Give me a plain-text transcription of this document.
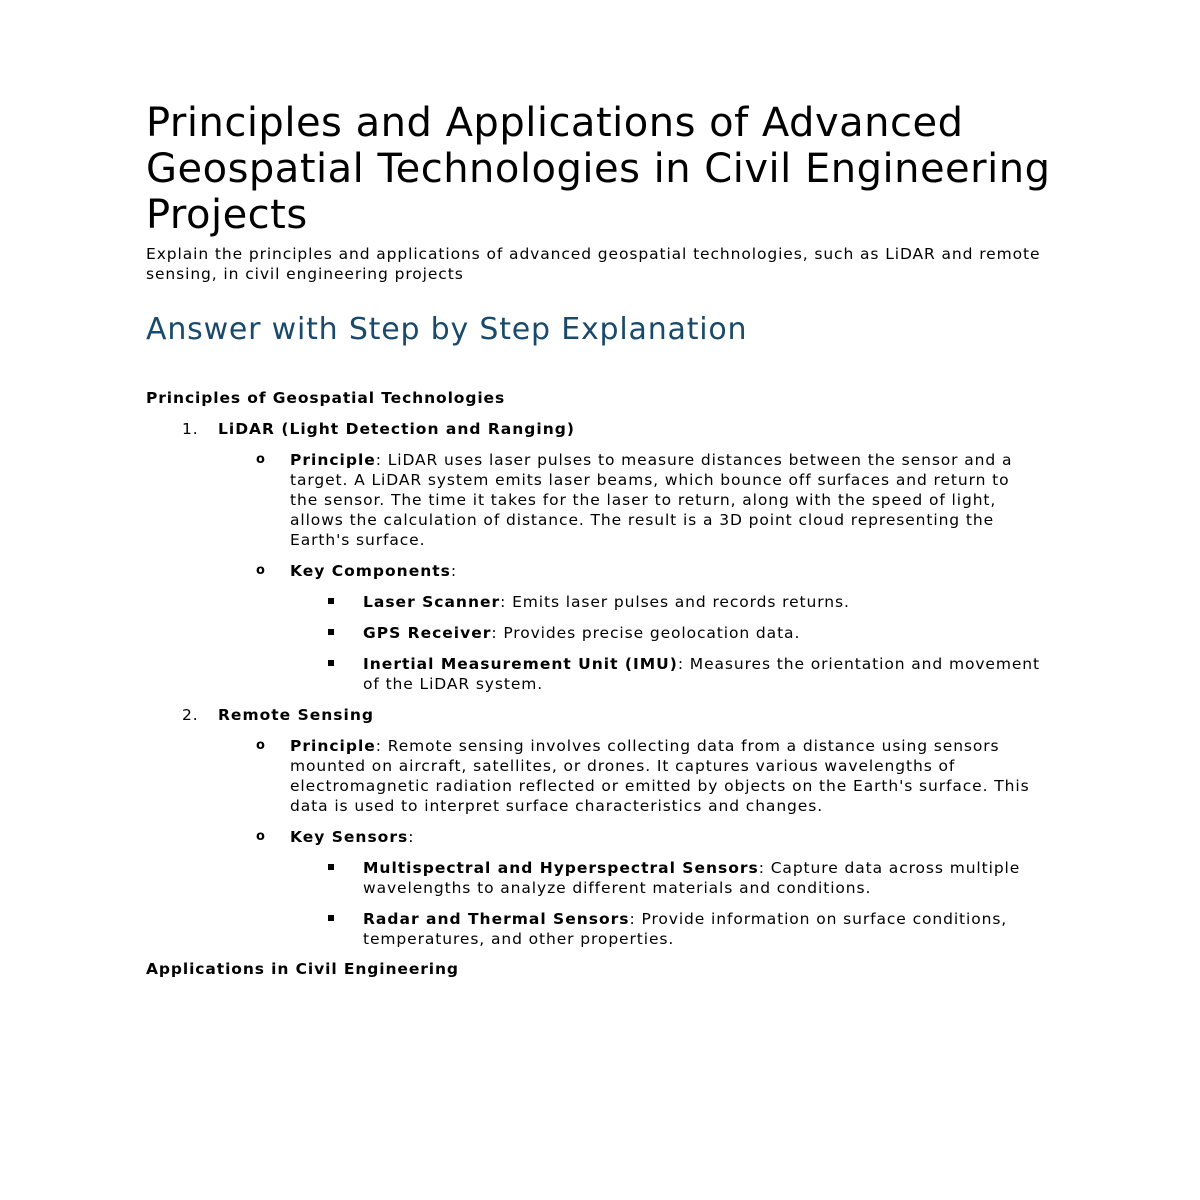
Principles and Applications of Advanced Geospatial Technologies in Civil Engineering Projects

Explain the principles and applications of advanced geospatial technologies, such as LiDAR and remote sensing, in civil engineering projects

Answer with Step by Step Explanation
Principles of Geospatial Technologies
1. LiDAR (Light Detection and Ranging)
o Principle: LiDAR uses laser pulses to measure distances between the sensor and a target. A LiDAR system emits laser beams, which bounce off surfaces and return to the sensor. The time it takes for the laser to return, along with the speed of light, allows the calculation of distance. The result is a 3D point cloud representing the Earth's surface.
o Key Components:
Laser Scanner: Emits laser pulses and records returns.
GPS Receiver: Provides precise geolocation data.
Inertial Measurement Unit (IMU): Measures the orientation and movement of the LiDAR system.
2. Remote Sensing
o Principle: Remote sensing involves collecting data from a distance using sensors mounted on aircraft, satellites, or drones. It captures various wavelengths of electromagnetic radiation reflected or emitted by objects on the Earth's surface. This data is used to interpret surface characteristics and changes.
o Key Sensors:
Multispectral and Hyperspectral Sensors: Capture data across multiple wavelengths to analyze different materials and conditions.
Radar and Thermal Sensors: Provide information on surface conditions, temperatures, and other properties.
Applications in Civil Engineering
